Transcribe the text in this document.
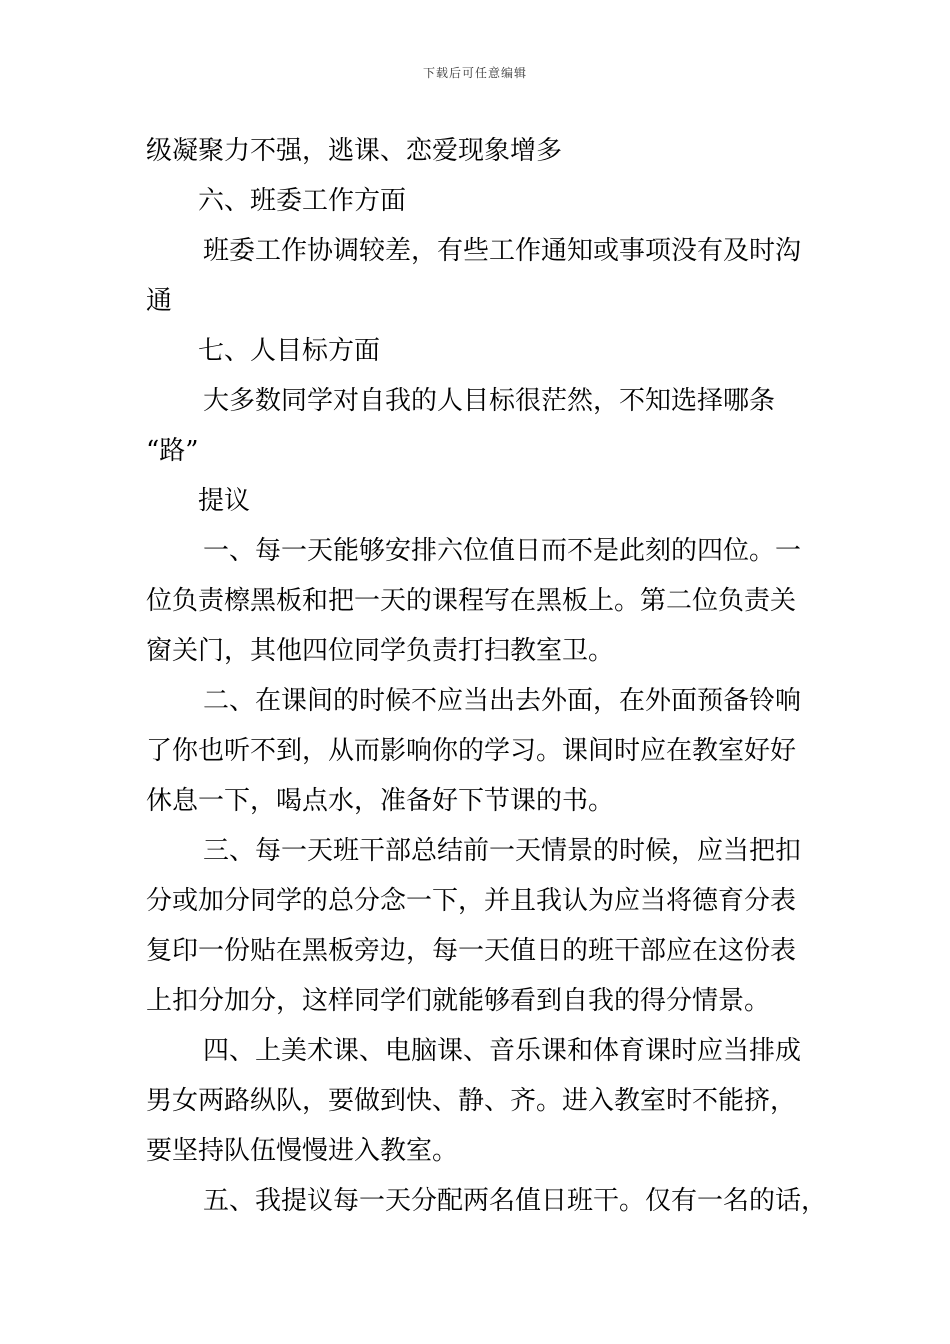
下载后可任意编辑
级凝聚力不强，逃课、恋爱现象增多
六、班委工作方面
班委工作协调较差，有些工作通知或事项没有及时沟
通
七、人目标方面
大多数同学对自我的人目标很茫然，不知选择哪条
“路”
提议
一、每一天能够安排六位值日而不是此刻的四位。一
位负责檫黑板和把一天的课程写在黑板上。第二位负责关
窗关门，其他四位同学负责打扫教室卫。
二、在课间的时候不应当出去外面，在外面预备铃响
了你也听不到，从而影响你的学习。课间时应在教室好好
休息一下，喝点水，准备好下节课的书。
三、每一天班干部总结前一天情景的时候，应当把扣
分或加分同学的总分念一下，并且我认为应当将德育分表
复印一份贴在黑板旁边，每一天值日的班干部应在这份表
上扣分加分，这样同学们就能够看到自我的得分情景。
四、上美术课、电脑课、音乐课和体育课时应当排成
男女两路纵队，要做到快、静、齐。进入教室时不能挤，
要坚持队伍慢慢进入教室。
五、我提议每一天分配两名值日班干。仅有一名的话，
